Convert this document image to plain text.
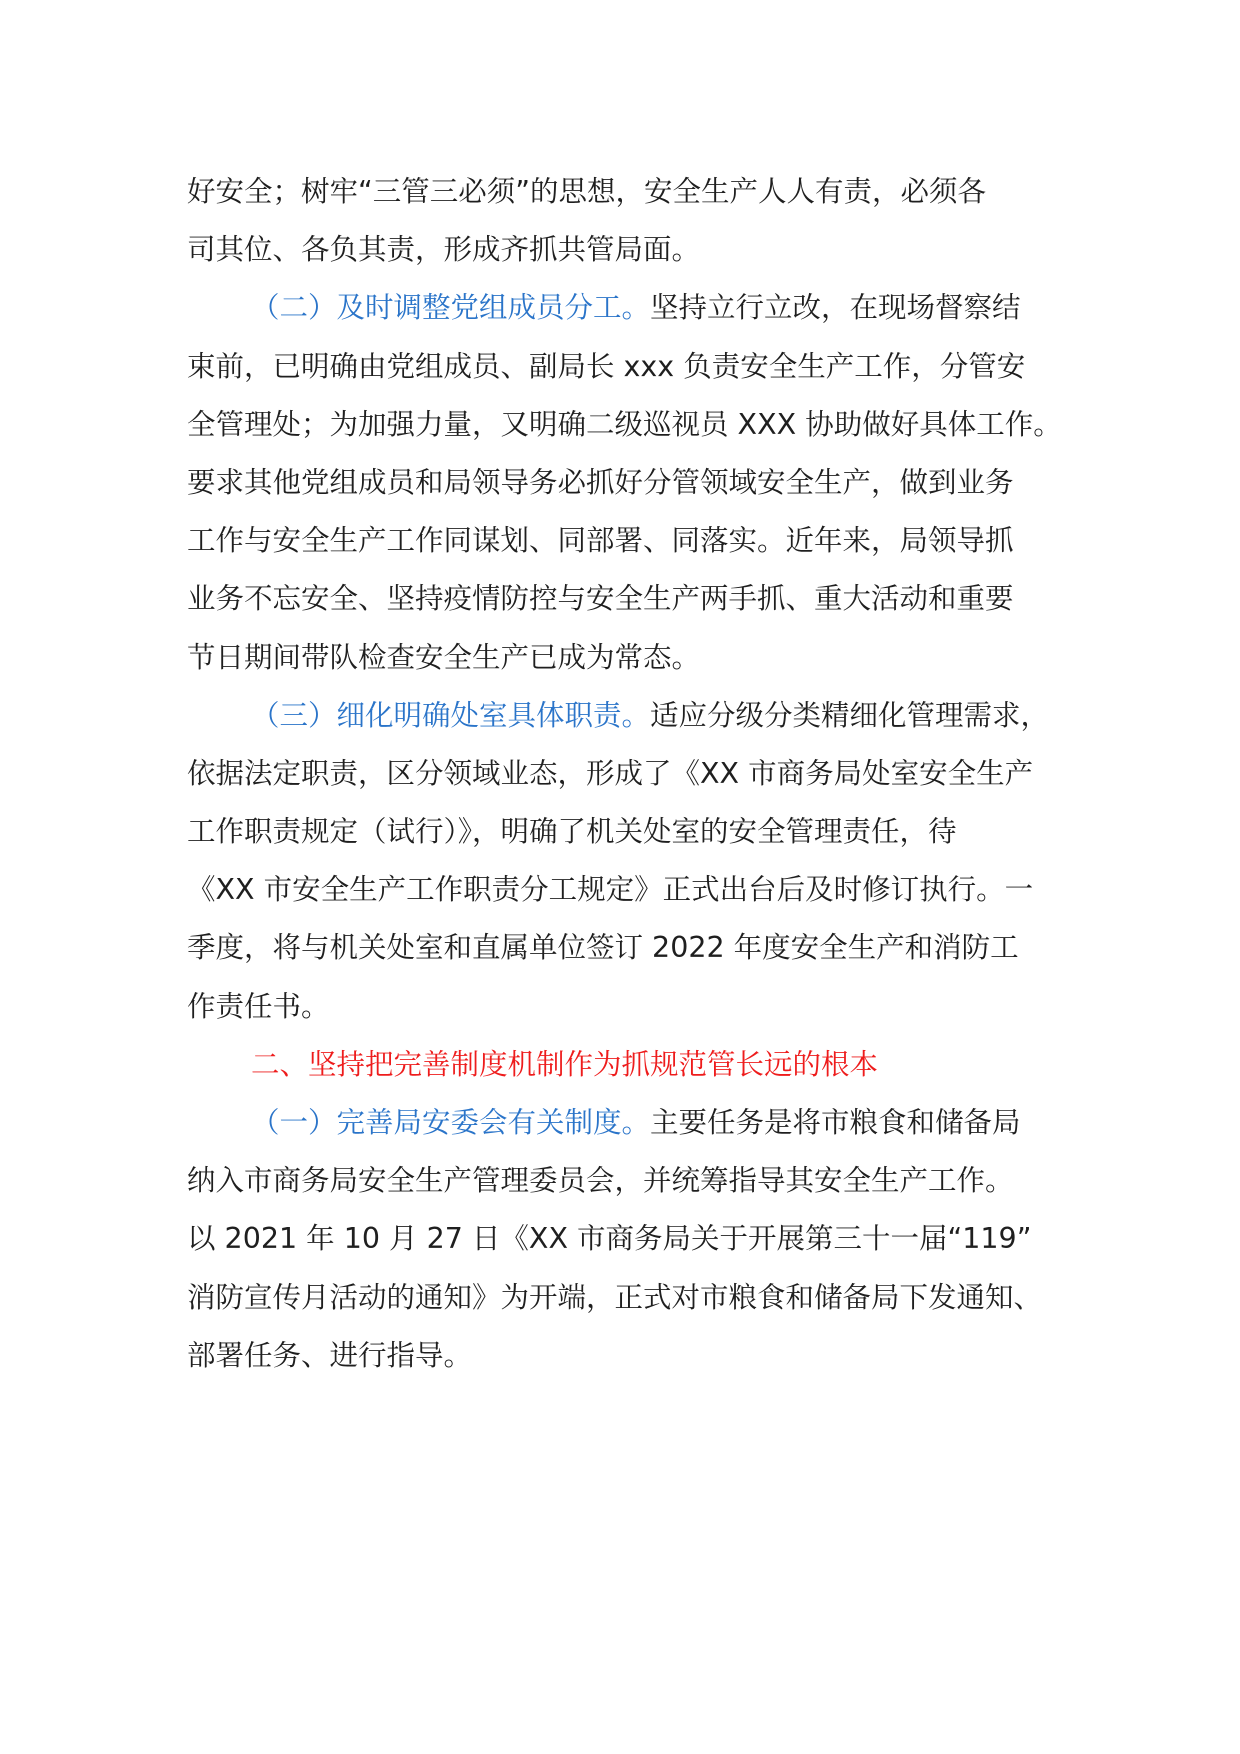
好安全；树牢“三管三必须”的思想，安全生产人人有责，必须各
司其位、各负其责，形成齐抓共管局面。
（二）及时调整党组成员分工。坚持立行立改，在现场督察结
束前，已明确由党组成员、副局长 xxx 负责安全生产工作，分管安
全管理处；为加强力量，又明确二级巡视员 XXX 协助做好具体工作。
要求其他党组成员和局领导务必抓好分管领域安全生产，做到业务
工作与安全生产工作同谋划、同部署、同落实。近年来，局领导抓
业务不忘安全、坚持疫情防控与安全生产两手抓、重大活动和重要
节日期间带队检查安全生产已成为常态。
（三）细化明确处室具体职责。适应分级分类精细化管理需求，
依据法定职责，区分领域业态，形成了《XX 市商务局处室安全生产
工作职责规定（试行）》，明确了机关处室的安全管理责任，待
《XX 市安全生产工作职责分工规定》正式出台后及时修订执行。一
季度，将与机关处室和直属单位签订 2022 年度安全生产和消防工
作责任书。
二、坚持把完善制度机制作为抓规范管长远的根本
（一）完善局安委会有关制度。主要任务是将市粮食和储备局
纳入市商务局安全生产管理委员会，并统筹指导其安全生产工作。
以 2021 年 10 月 27 日《XX 市商务局关于开展第三十一届“119”
消防宣传月活动的通知》为开端，正式对市粮食和储备局下发通知、
部署任务、进行指导。
